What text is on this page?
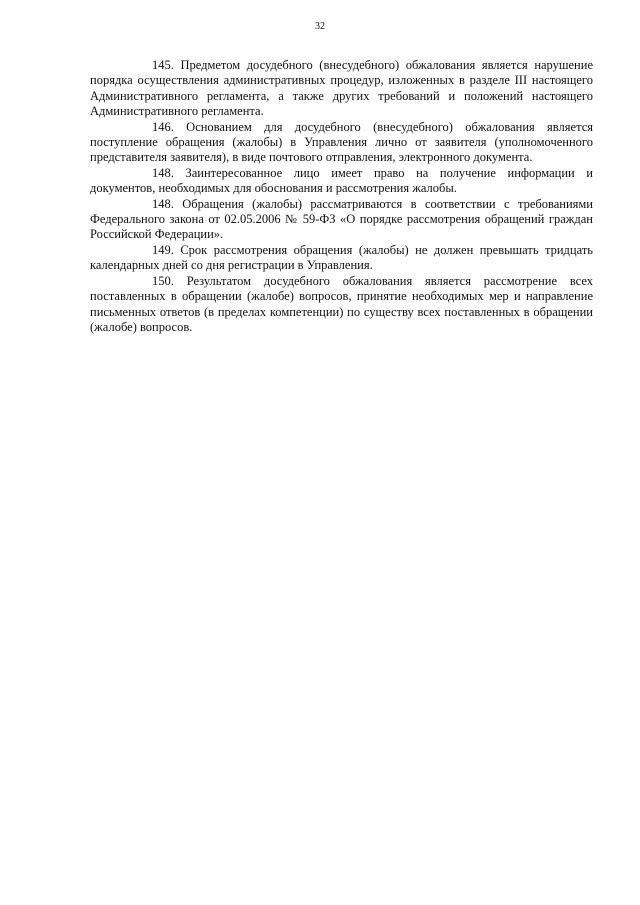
32

145. Предметом досудебного (внесудебного) обжалования является нарушение порядка осуществления административных процедур, изложенных в разделе III настоящего Административного регламента, а также других требований и положений настоящего Административного регламента.

146. Основанием для досудебного (внесудебного) обжалования является поступление обращения (жалобы) в Управления лично от заявителя (уполномоченного представителя заявителя), в виде почтового отправления, электронного документа.

148. Заинтересованное лицо имеет право на получение информации и документов, необходимых для обоснования и рассмотрения жалобы.

148. Обращения (жалобы) рассматриваются в соответствии с требованиями Федерального закона от 02.05.2006 № 59-ФЗ «О порядке рассмотрения обращений граждан Российской Федерации».

149. Срок рассмотрения обращения (жалобы) не должен превышать тридцать календарных дней со дня регистрации в Управления.

150. Результатом досудебного обжалования является рассмотрение всех поставленных в обращении (жалобе) вопросов, принятие необходимых мер и направление письменных ответов (в пределах компетенции) по существу всех поставленных в обращении (жалобе) вопросов.
